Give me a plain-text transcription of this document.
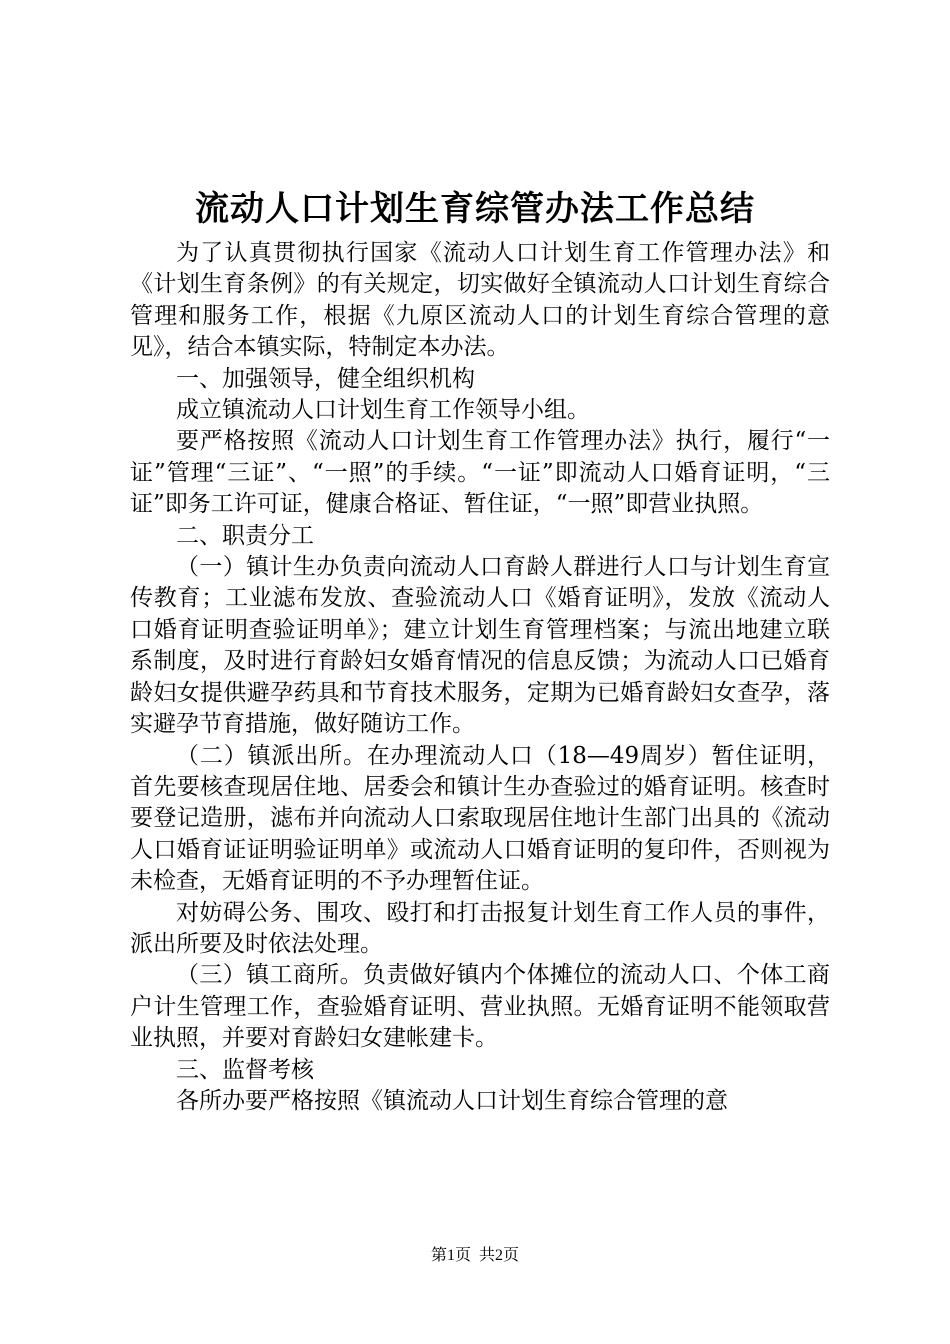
流动人口计划生育综管办法工作总结

为了认真贯彻执行国家《流动人口计划生育工作管理办法》和《计划生育条例》的有关规定，切实做好全镇流动人口计划生育综合管理和服务工作，根据《九原区流动人口的计划生育综合管理的意见》，结合本镇实际，特制定本办法。

一、加强领导，健全组织机构

成立镇流动人口计划生育工作领导小组。

要严格按照《流动人口计划生育工作管理办法》执行，履行“一证”管理“三证”、“一照”的手续。“一证”即流动人口婚育证明，“三证”即务工许可证，健康合格证、暂住证，“一照”即营业执照。

二、职责分工

（一）镇计生办负责向流动人口育龄人群进行人口与计划生育宣传教育；工业滤布发放、查验流动人口《婚育证明》，发放《流动人口婚育证明查验证明单》；建立计划生育管理档案；与流出地建立联系制度，及时进行育龄妇女婚育情况的信息反馈；为流动人口已婚育龄妇女提供避孕药具和节育技术服务，定期为已婚育龄妇女查孕，落实避孕节育措施，做好随访工作。

（二）镇派出所。在办理流动人口（18—49周岁）暂住证明，首先要核查现居住地、居委会和镇计生办查验过的婚育证明。核查时要登记造册，滤布并向流动人口索取现居住地计生部门出具的《流动人口婚育证证明验证明单》或流动人口婚育证明的复印件，否则视为未检查，无婚育证明的不予办理暂住证。

对妨碍公务、围攻、殴打和打击报复计划生育工作人员的事件，派出所要及时依法处理。

（三）镇工商所。负责做好镇内个体摊位的流动人口、个体工商户计生管理工作，查验婚育证明、营业执照。无婚育证明不能领取营业执照，并要对育龄妇女建帐建卡。

三、监督考核

各所办要严格按照《镇流动人口计划生育综合管理的意

第1页 共2页
